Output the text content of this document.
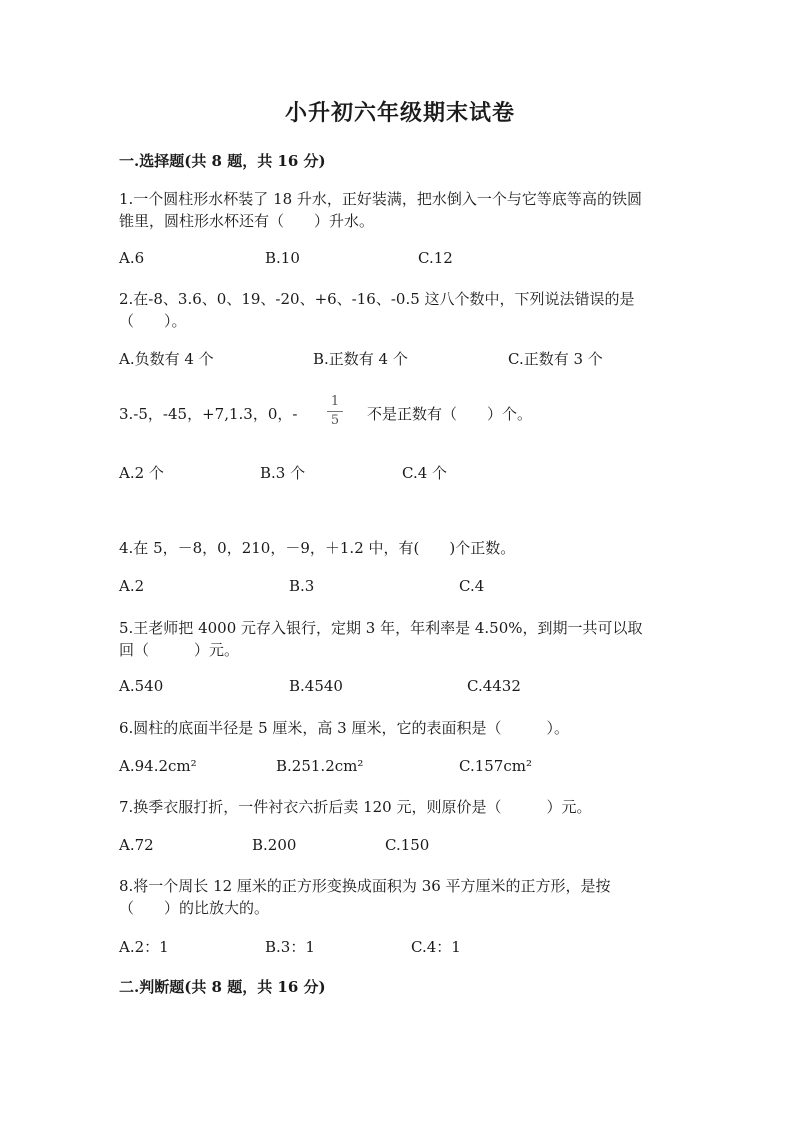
小升初六年级期末试卷
一.选择题(共 8 题，共 16 分)
1.一个圆柱形水杯装了 18 升水，正好装满，把水倒入一个与它等底等高的铁圆
锥里，圆柱形水杯还有（　　）升水。
A.6	B.10	C.12
2.在-8、3.6、0、19、-20、+6、-16、-0.5 这八个数中，下列说法错误的是
（　　）。
A.负数有 4 个	B.正数有 4 个	C.正数有 3 个
3.-5，-45，+7,1.3，0，-
1
5 不是正数有（　　）个。
A.2 个	B.3 个	C.4 个
4.在 5，－8，0，210，－9，＋1.2 中，有(　　)个正数。
A.2	B.3	C.4
5.王老师把 4000 元存入银行，定期 3 年，年利率是 4.50%，到期一共可以取
回（　　　）元。
A.540	B.4540	C.4432
6.圆柱的底面半径是 5 厘米，高 3 厘米，它的表面积是（　　　）。
A.94.2cm²	B.251.2cm²	C.157cm²
7.换季衣服打折，一件衬衣六折后卖 120 元，则原价是（　　　）元。
A.72	B.200	C.150
8.将一个周长 12 厘米的正方形变换成面积为 36 平方厘米的正方形，是按
（　　）的比放大的。
A.2：1	B.3：1	C.4：1
二.判断题(共 8 题，共 16 分)
